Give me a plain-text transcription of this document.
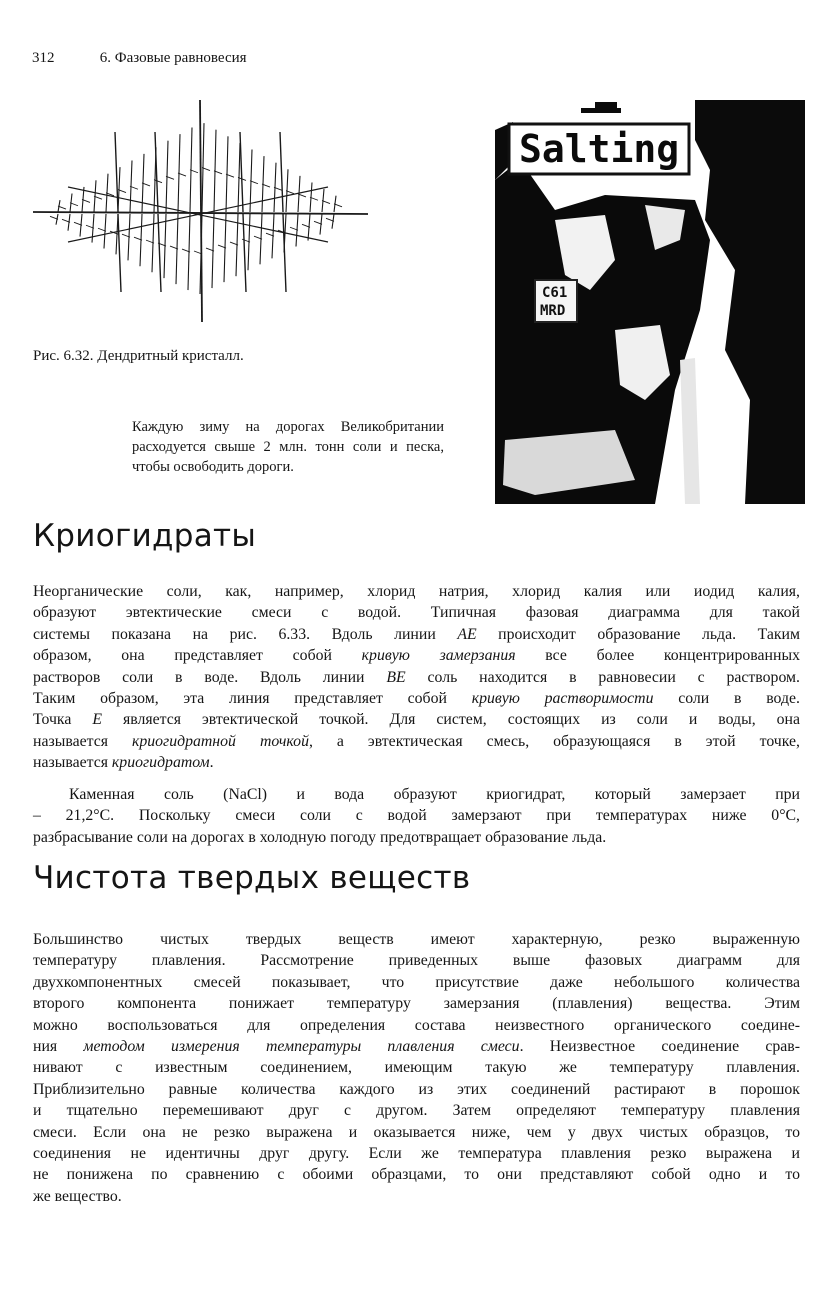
312	6. Фазовые равновесия
Рис. 6.32. Дендритный кристалл.
Каждую зиму на дорогах Великобритании расходуется свыше 2 млн. тонн соли и песка, чтобы освободить дороги.
Salting
C61
MRD
Криогидраты
Неорганические соли, как, например, хлорид натрия, хлорид калия или иодид калия,
образуют эвтектические смеси с водой. Типичная фазовая диаграмма для такой
системы показана на рис. 6.33. Вдоль линии AE происходит образование льда. Таким
образом, она представляет собой кривую замерзания все более концентрированных
растворов соли в воде. Вдоль линии BE соль находится в равновесии с раствором.
Таким образом, эта линия представляет собой кривую растворимости соли в воде.
Точка E является эвтектической точкой. Для систем, состоящих из соли и воды, она
называется криогидратной точкой, а эвтектическая смесь, образующаяся в этой точке,
называется криогидратом.
Каменная соль (NaCl) и вода образуют криогидрат, который замерзает при
– 21,2°C. Поскольку смеси соли с водой замерзают при температурах ниже 0°C,
разбрасывание соли на дорогах в холодную погоду предотвращает образование льда.
Чистота твердых веществ
Большинство чистых твердых веществ имеют характерную, резко выраженную
температуру плавления. Рассмотрение приведенных выше фазовых диаграмм для
двухкомпонентных смесей показывает, что присутствие даже небольшого количества
второго компонента понижает температуру замерзания (плавления) вещества. Этим
можно воспользоваться для определения состава неизвестного органического соедине-
ния методом измерения температуры плавления смеси. Неизвестное соединение срав-
нивают с известным соединением, имеющим такую же температуру плавления.
Приблизительно равные количества каждого из этих соединений растирают в порошок
и тщательно перемешивают друг с другом. Затем определяют температуру плавления
смеси. Если она не резко выражена и оказывается ниже, чем у двух чистых образцов, то
соединения не идентичны друг другу. Если же температура плавления резко выражена и
не понижена по сравнению с обоими образцами, то они представляют собой одно и то
же вещество.
